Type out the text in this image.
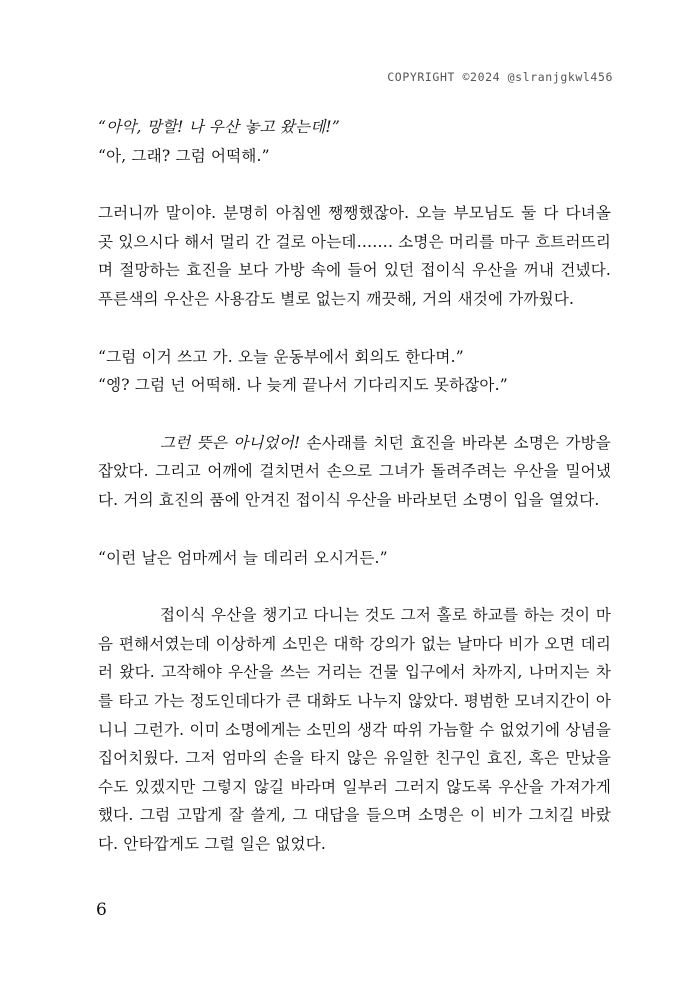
COPYRIGHT ©2024 @slranjgkwl456

“아악, 망할! 나 우산 놓고 왔는데!”

“아, 그래? 그럼 어떡해.”

그러니까 말이야. 분명히 아침엔 쨍쨍했잖아. 오늘 부모님도 둘 다 다녀올 곳 있으시다 해서 멀리 간 걸로 아는데……. 소명은 머리를 마구 흐트러뜨리며 절망하는 효진을 보다 가방 속에 들어 있던 접이식 우산을 꺼내 건넸다. 푸른색의 우산은 사용감도 별로 없는지 깨끗해, 거의 새것에 가까웠다.

“그럼 이거 쓰고 가. 오늘 운동부에서 회의도 한다며.”

“엥? 그럼 넌 어떡해. 나 늦게 끝나서 기다리지도 못하잖아.”

그런 뜻은 아니었어! 손사래를 치던 효진을 바라본 소명은 가방을 잡았다. 그리고 어깨에 걸치면서 손으로 그녀가 돌려주려는 우산을 밀어냈다. 거의 효진의 품에 안겨진 접이식 우산을 바라보던 소명이 입을 열었다.

“이런 날은 엄마께서 늘 데리러 오시거든.”

접이식 우산을 챙기고 다니는 것도 그저 홀로 하교를 하는 것이 마음 편해서였는데 이상하게 소민은 대학 강의가 없는 날마다 비가 오면 데리러 왔다. 고작해야 우산을 쓰는 거리는 건물 입구에서 차까지, 나머지는 차를 타고 가는 정도인데다가 큰 대화도 나누지 않았다. 평범한 모녀지간이 아니니 그런가. 이미 소명에게는 소민의 생각 따위 가늠할 수 없었기에 상념을 집어치웠다. 그저 엄마의 손을 타지 않은 유일한 친구인 효진, 혹은 만났을 수도 있겠지만 그렇지 않길 바라며 일부러 그러지 않도록 우산을 가져가게 했다. 그럼 고맙게 잘 쓸게, 그 대답을 들으며 소명은 이 비가 그치길 바랐다. 안타깝게도 그럴 일은 없었다.

6
